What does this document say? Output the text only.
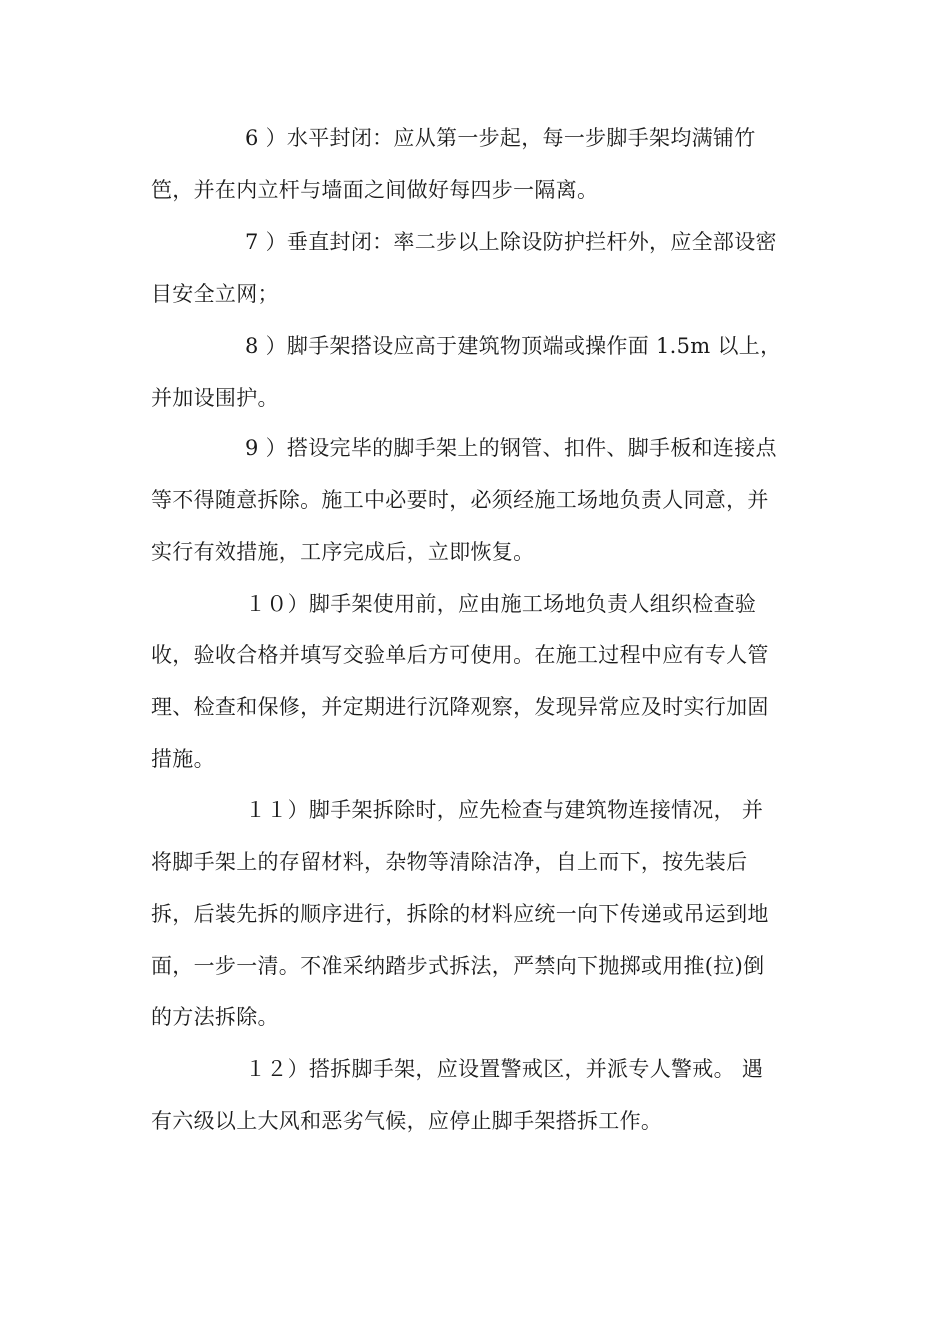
6 ）水平封闭：应从第一步起，每一步脚手架均满铺竹
笆，并在内立杆与墙面之间做好每四步一隔离。
7 ）垂直封闭：率二步以上除设防护拦杆外，应全部设密
目安全立网；
8 ）脚手架搭设应高于建筑物顶端或操作面 1.5m 以上，
并加设围护。
9 ）搭设完毕的脚手架上的钢管、扣件、脚手板和连接点
等不得随意拆除。施工中必要时，必须经施工场地负责人同意，并
实行有效措施，工序完成后，立即恢复。
１０）脚手架使用前，应由施工场地负责人组织检查验
收，验收合格并填写交验单后方可使用。在施工过程中应有专人管
理、检查和保修，并定期进行沉降观察，发现异常应及时实行加固
措施。
１１）脚手架拆除时，应先检查与建筑物连接情况， 并
将脚手架上的存留材料，杂物等清除洁净，自上而下，按先装后
拆，后装先拆的顺序进行，拆除的材料应统一向下传递或吊运到地
面，一步一清。不准采纳踏步式拆法，严禁向下抛掷或用推(拉)倒
的方法拆除。
１２）搭拆脚手架，应设置警戒区，并派专人警戒。 遇
有六级以上大风和恶劣气候，应停止脚手架搭拆工作。
